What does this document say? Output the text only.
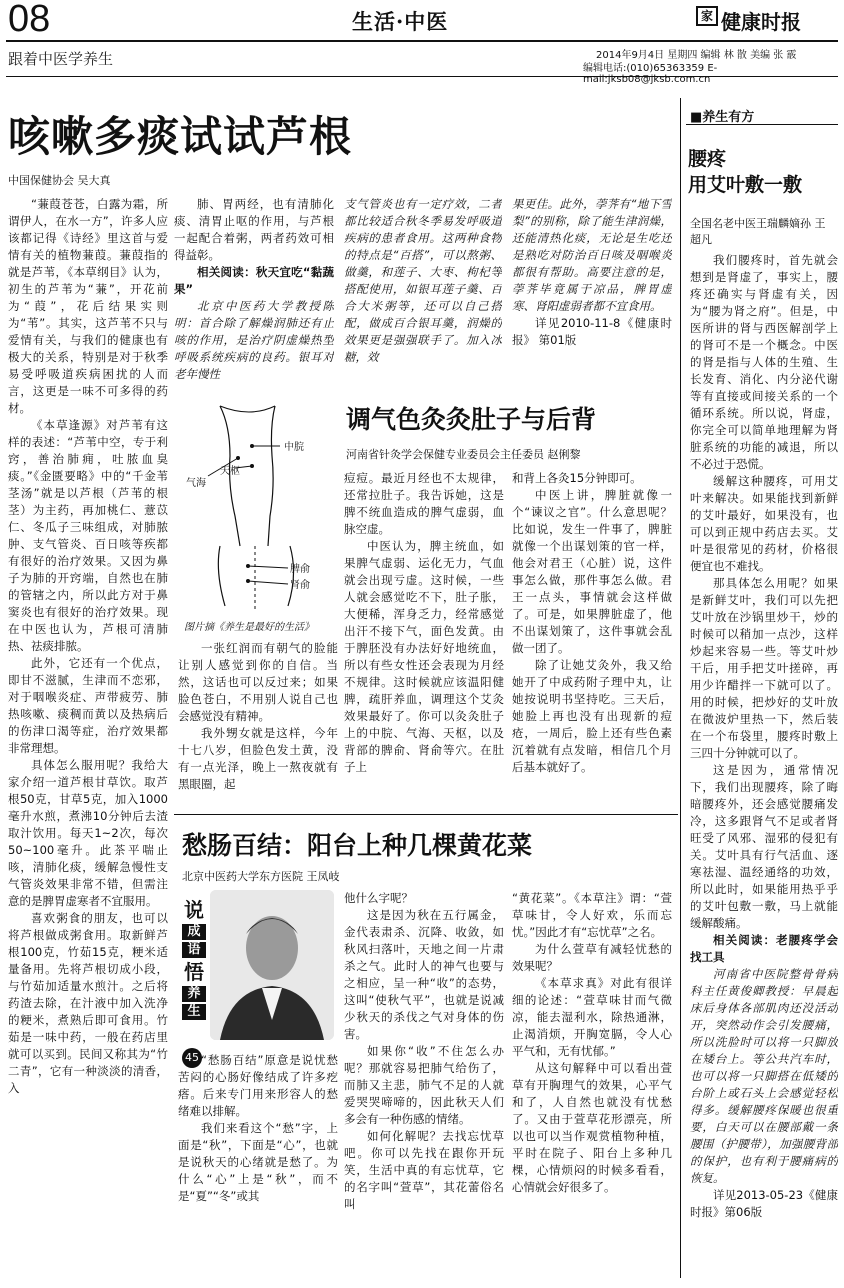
08	生活·中医	家 健康时报
跟着中医学养生	2014年9月4日 星期四 编辑 林 散 美编 张 霰
编辑电话:(010)65363359 E-mail:jksb08@jksb.com.cn
咳嗽多痰试试芦根
中国保健协会 吴大真

“蒹葭苍苍，白露为霜，所谓伊人，在水一方”，许多人应该都记得《诗经》里这首与爱情有关的植物蒹葭。蒹葭指的就是芦苇，《本草纲目》认为，初生的芦苇为“蒹”，开花前为“葭”，花后结果实则为“苇”。其实，这芦苇不只与爱情有关，与我们的健康也有极大的关系，特别是对于秋季易受呼吸道疾病困扰的人而言，这更是一味不可多得的药材。

《本草逢源》对芦苇有这样的表述：“芦苇中空，专于利窍，善治肺痈，吐脓血臭痰。”《金匮要略》中的“千金苇茎汤”就是以芦根（芦苇的根茎）为主药，再加桃仁、薏苡仁、冬瓜子三味组成，对肺脓肿、支气管炎、百日咳等疾都有很好的治疗效果。又因为鼻子为肺的开窍端，自然也在肺的管辖之内，所以此方对于鼻窦炎也有很好的治疗效果。现在中医也认为，芦根可清肺热、祛痰排脓。

此外，它还有一个优点，即甘不滋腻，生津而不恋邪，对于咽喉炎症、声带疲劳、肺热咳嗽、痰稠而黄以及热病后的伤津口渴等症，治疗效果都非常理想。

具体怎么服用呢？我给大家介绍一道芦根甘草饮。取芦根50克，甘草5克，加入1000毫升水煎，煮沸10分钟后去渣取汁饮用。每天1~2次，每次50~100毫升。此茶平喘止咳，清肺化痰，缓解急慢性支气管炎效果非常不错，但需注意的是脾胃虚寒者不宜服用。

喜欢粥食的朋友，也可以将芦根做成粥食用。取新鲜芦根100克，竹茹15克，粳米适量备用。先将芦根切成小段，与竹茹加适量水煎汁。之后将药渣去除，在汁液中加入洗净的粳米，煮熟后即可食用。竹茹是一味中药，一般在药店里就可以买到。民间又称其为“竹二青”，它有一种淡淡的清香，入

肺、胃两经，也有清肺化痰、清胃止呕的作用，与芦根一起配合着粥，两者药效可相得益彰。

相关阅读：秋天宜吃“黏蔬果”

北京中医药大学教授陈明：首合除了解燥润肺还有止咳的作用，是治疗阴虚燥热型呼吸系统疾病的良药。银耳对老年慢性

支气管炎也有一定疗效，二者都比较适合秋冬季易发呼吸道疾病的患者食用。这两种食物的特点是“百搭”，可以熬粥、做羹，和莲子、大枣、枸杞等搭配使用，如银耳莲子羹、百合大米粥等，还可以自己搭配，做成百合银耳羹，润燥的效果更是强强联手了。加入冰糖，效

果更佳。此外，荸荠有“地下雪梨”的别称，除了能生津润燥，还能清热化痰，无论是生吃还是熟吃对防治百日咳及咽喉炎都很有帮助。高要注意的是，荸荠毕竟属于凉品，脾胃虚寒、肾阳虚弱者都不宜食用。

详见2010-11-8《健康时报》 第01版

中脘
气海
天枢
脾俞
肾俞
图片摘《养生是最好的生活》
调气色灸灸肚子与后背
河南省针灸学会保健专业委员会主任委员 赵俐黎

一张红润而有朝气的脸能让别人感觉到你的自信。当然，这话也可以反过来；如果脸色苍白，不用别人说自己也会感觉没有精神。

我外甥女就是这样，今年十七八岁，但脸色发土黄，没有一点光泽，晚上一熬夜就有黑眼圈，起

痘痘。最近月经也不太规律，还常拉肚子。我告诉她，这是脾不统血造成的脾气虚弱，血脉空虚。

中医认为，脾主统血，如果脾气虚弱、运化无力，气血就会出现亏虚。这时候，一些人就会感觉吃不下，肚子胀，大便稀，浑身乏力，经常感觉出汗不接下气，面色发黄。由于脾胚没有办法好好地统血，所以有些女性还会表现为月经不规律。这时候就应该温阳健脾，疏肝养血，调理这个艾灸效果最好了。你可以灸灸肚子上的中脘、气海、天枢，以及背部的脾俞、肾俞等穴。在肚子上

和背上各灸15分钟即可。

中医上讲，脾脏就像一个“谏议之官”。什么意思呢？比如说，发生一件事了，脾脏就像一个出谋划策的官一样，他会对君王（心脏）说，这件事怎么做，那件事怎么做。君王一点头，事情就会这样做了。可是，如果脾脏虚了，他不出谋划策了，这件事就会乱做一团了。

除了让她艾灸外，我又给她开了中成药附子理中丸，让她按说明书坚持吃。三天后，她脸上再也没有出现新的痘疮，一周后，脸上还有些色素沉着就有点发暗，相信几个月后基本就好了。

愁肠百结：阳台上种几棵黄花菜
北京中医药大学东方医院 王凤岐
说
成
语
悟
养
生
45 “愁肠百结”原意是说忧愁苦闷的心肠好像结成了许多疙瘩。后来专门用来形容人的愁绪难以排解。

我们来看这个“愁”字，上面是“秋”，下面是“心”，也就是说秋天的心绪就是愁了。为什么“心”上是“秋”，而不是“夏”“冬”或其

他什么字呢？

这是因为秋在五行属金，金代表肃杀、沉降、收敛，如秋风扫落叶，天地之间一片肃杀之气。此时人的神气也要与之相应，呈一种“收”的态势，这叫“使秋气平”，也就是说减少秋天的杀伐之气对身体的伤害。

如果你“收”不住怎么办呢？那就容易把肺气给伤了，而肺又主悲，肺气不足的人就爱哭哭啼啼的，因此秋天人们多会有一种伤感的情绪。

如何化解呢？去找忘忧草吧。你可以先找在跟你开玩笑，生活中真的有忘忧草，它的名字叫“萱草”，其花蕾俗名叫

“黄花菜”。《本草注》谓：“萱草味甘，令人好欢，乐而忘忧。”因此才有“忘忧草”之名。

为什么萱草有减轻忧愁的效果呢？

《本草求真》对此有很详细的论述：“萱草味甘而气微凉，能去湿利水，除热通淋，止渴消烦，开胸宽膈，令人心平气和，无有忧郁。”

从这句解释中可以看出萱草有开胸理气的效果，心平气和了，人自然也就没有忧愁了。又由于萱草花形漂亮，所以也可以当作观赏植物种植，平时在院子、阳台上多种几棵，心情烦闷的时候多看看，心情就会好很多了。

■养生有方
腰疼
用艾叶敷一敷
全国名老中医王瑞麟嫡孙 王超凡

我们腰疼时，首先就会想到是肾虚了，事实上，腰疼还确实与肾虚有关，因为“腰为肾之府”。但是，中医所讲的肾与西医解剖学上的肾可不是一个概念。中医的肾是指与人体的生殖、生长发育、消化、内分泌代谢等有直接或间接关系的一个循环系统。所以说，肾虚，你完全可以简单地理解为肾脏系统的功能的减退，所以不必过于恐慌。

缓解这种腰疼，可用艾叶来解决。如果能找到新鲜的艾叶最好，如果没有，也可以到正规中药店去买。艾叶是很常见的药材，价格很便宜也不难找。

那具体怎么用呢？如果是新鲜艾叶，我们可以先把艾叶放在沙锅里炒干，炒的时候可以稍加一点沙，这样炒起来容易一些。等艾叶炒干后，用手把艾叶搓碎，再用少许醋拌一下就可以了。用的时候，把炒好的艾叶放在微波炉里热一下，然后装在一个布袋里，腰疼时敷上三四十分钟就可以了。

这是因为，通常情况下，我们出现腰疼，除了晦暗腰疼外，还会感觉腰痛发冷，这多跟肾气不足或者肾旺受了风邪、湿邪的侵犯有关。艾叶具有行气活血、逐寒祛湿、温经通络的功效，所以此时，如果能用热乎乎的艾叶包敷一敷，马上就能缓解酸痛。

相关阅读：老腰疼学会找工具

河南省中医院整骨骨病科主任黄俊卿教授：早晨起床后身体各部肌肉还没活动开，突然动作会引发腰痛，所以洗脸时可以将一只脚放在矮台上。等公共汽车时，也可以将一只脚搭在低矮的台阶上或石头上会感觉轻松得多。缓解腰疼保暖也很重要，白天可以在腰部戴一条腰围（护腰带），加强腰背部的保护，也有利于腰痛病的恢复。

详见2013-05-23《健康时报》第06版
